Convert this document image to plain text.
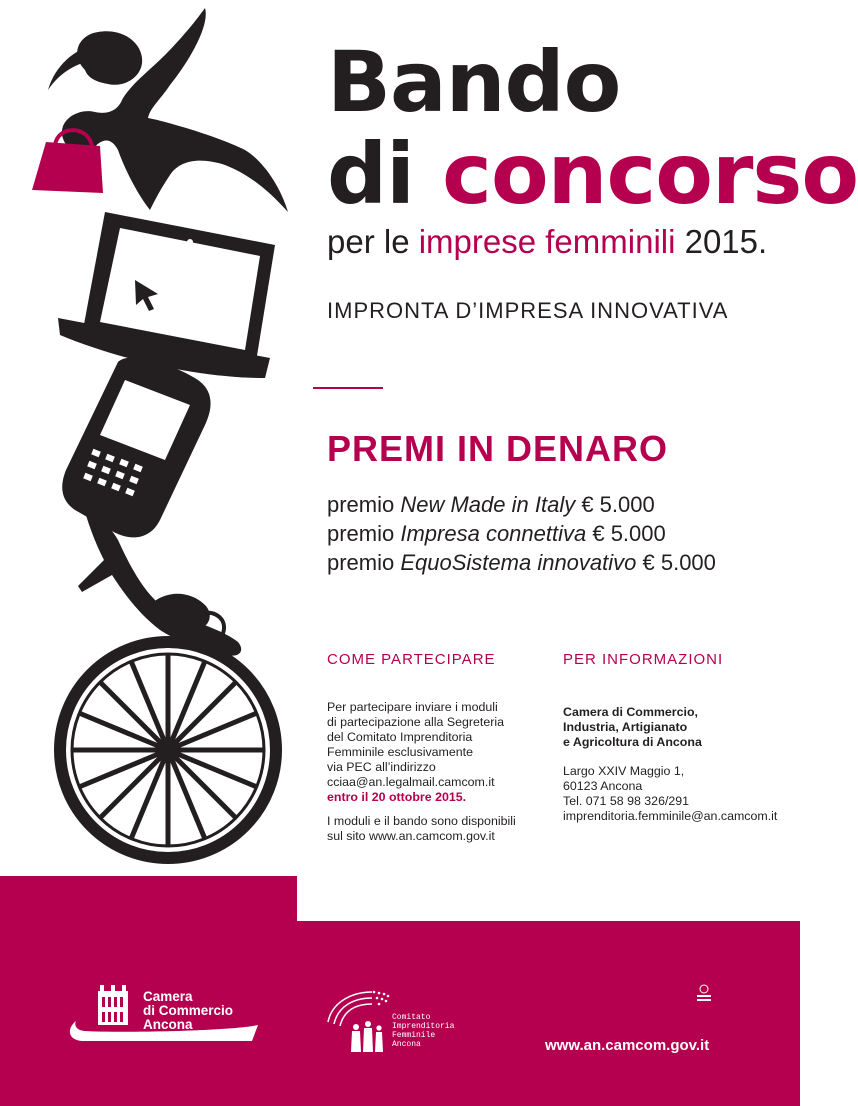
Bando
di concorso
per le imprese femminili 2015.
IMPRONTA D’IMPRESA INNOVATIVA
PREMI IN DENARO
premio New Made in Italy € 5.000
premio Impresa connettiva € 5.000
premio EquoSistema innovativo € 5.000
COME PARTECIPARE
Per partecipare inviare i moduli
di partecipazione alla Segreteria
del Comitato Imprenditoria
Femminile esclusivamente
via PEC all’indirizzo
cciaa@an.legalmail.camcom.it
entro il 20 ottobre 2015.
I moduli e il bando sono disponibili
sul sito www.an.camcom.gov.it
PER INFORMAZIONI
Camera di Commercio,
Industria, Artigianato
e Agricoltura di Ancona
Largo XXIV Maggio 1,
60123 Ancona
Tel. 071 58 98 326/291
imprenditoria.femminile@an.camcom.it
Camera
di Commercio
Ancona	Comitato
Imprenditoria
Femminile
Ancona	www.an.camcom.gov.it
